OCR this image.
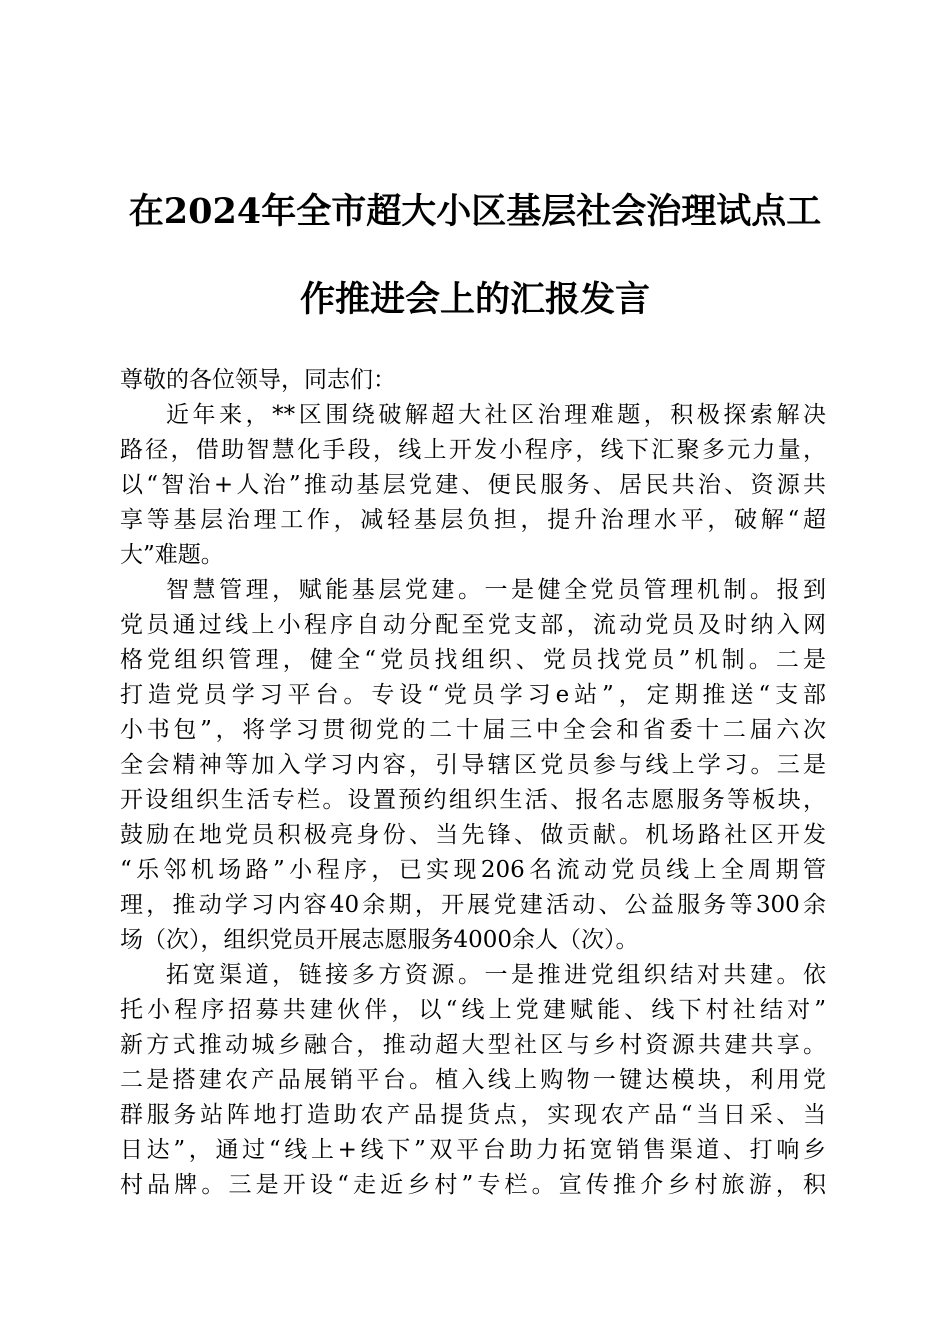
在2024年全市超大小区基层社会治理试点工
作推进会上的汇报发言
尊敬的各位领导，同志们：
近年来，**区围绕破解超大社区治理难题，积极探索解决
路径，借助智慧化手段，线上开发小程序，线下汇聚多元力量，
以“智治+人治”推动基层党建、便民服务、居民共治、资源共
享等基层治理工作，减轻基层负担，提升治理水平，破解“超
大”难题。
智慧管理，赋能基层党建。一是健全党员管理机制。报到
党员通过线上小程序自动分配至党支部，流动党员及时纳入网
格党组织管理，健全“党员找组织、党员找党员”机制。二是
打造党员学习平台。专设“党员学习e站”，定期推送“支部
小书包”，将学习贯彻党的二十届三中全会和省委十二届六次
全会精神等加入学习内容，引导辖区党员参与线上学习。三是
开设组织生活专栏。设置预约组织生活、报名志愿服务等板块，
鼓励在地党员积极亮身份、当先锋、做贡献。机场路社区开发
“乐邻机场路”小程序，已实现206名流动党员线上全周期管
理，推动学习内容40余期，开展党建活动、公益服务等300余
场（次），组织党员开展志愿服务4000余人（次）。
拓宽渠道，链接多方资源。一是推进党组织结对共建。依
托小程序招募共建伙伴，以“线上党建赋能、线下村社结对”
新方式推动城乡融合，推动超大型社区与乡村资源共建共享。
二是搭建农产品展销平台。植入线上购物一键达模块，利用党
群服务站阵地打造助农产品提货点，实现农产品“当日采、当
日达”，通过“线上+线下”双平台助力拓宽销售渠道、打响乡
村品牌。三是开设“走近乡村”专栏。宣传推介乡村旅游，积
